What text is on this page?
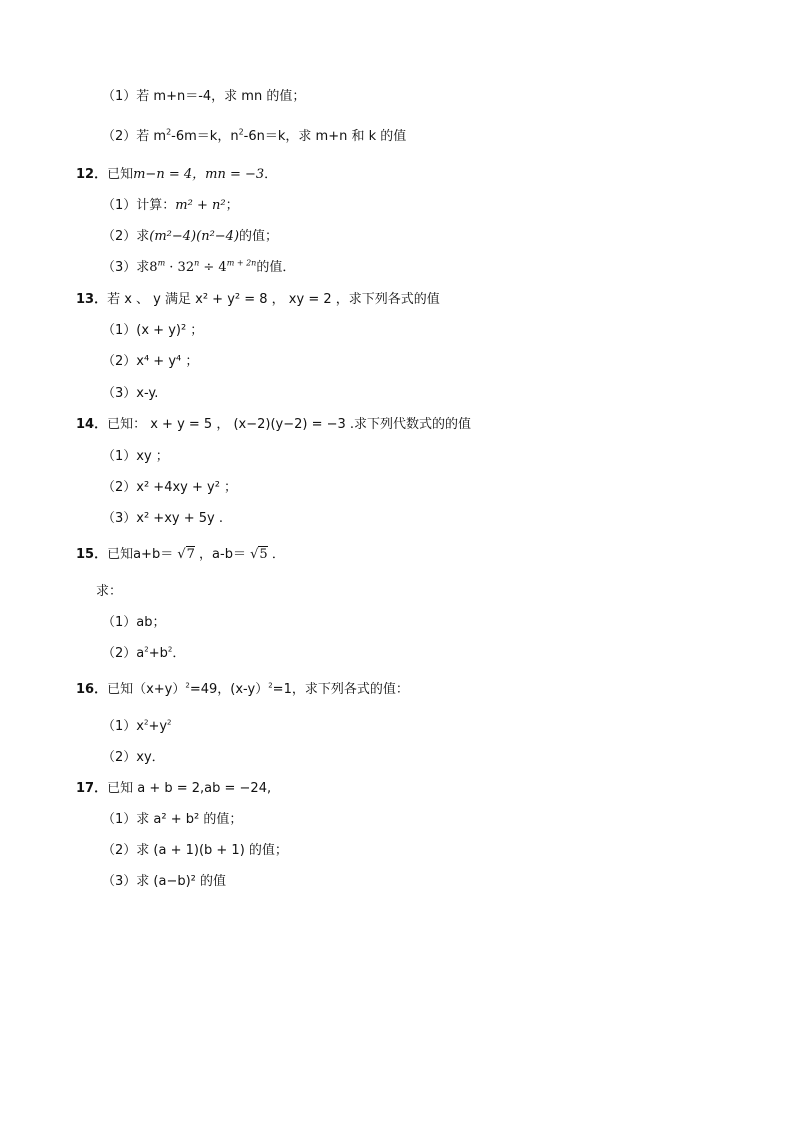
（1）若 m+n＝-4，求 mn 的值；
（2）若 $m^2-6m=k$，$n^2-6n=k$，求 m+n 和 k 的值
12．已知m−n = 4，mn = −3．
（1）计算：m² + n²；
（2）求(m²−4)(n²−4)的值；
（3）求$8^m \cdot 32^n \div 4^{m + 2n}$的值．
13．若 x 、 y 满足 x² + y² = 8 ， xy = 2 ，求下列各式的值
（1）(x + y)² ；
（2）x⁴ + y⁴ ；
（3）x-y.
14．已知： x + y = 5 ， (x−2)(y−2) = −3 .求下列代数式的的值
（1）xy ；
（2）x² +4xy + y² ；
（3）x² +xy + 5y .
15．已知a+b＝ √7 ，a-b＝ √5 ．
求：
（1）ab；
$(2)a^2+b^2$．
16．已知$(x+y)^2=49$，(x-y）$^2$=1，求下列各式的值：
$(1)x^2+y^2$
（2）xy．
17．已知 a + b = 2,ab = −24,
（1）求 a² + b² 的值；
（2）求 (a + 1)(b + 1) 的值；
（3）求 (a−b)² 的值
